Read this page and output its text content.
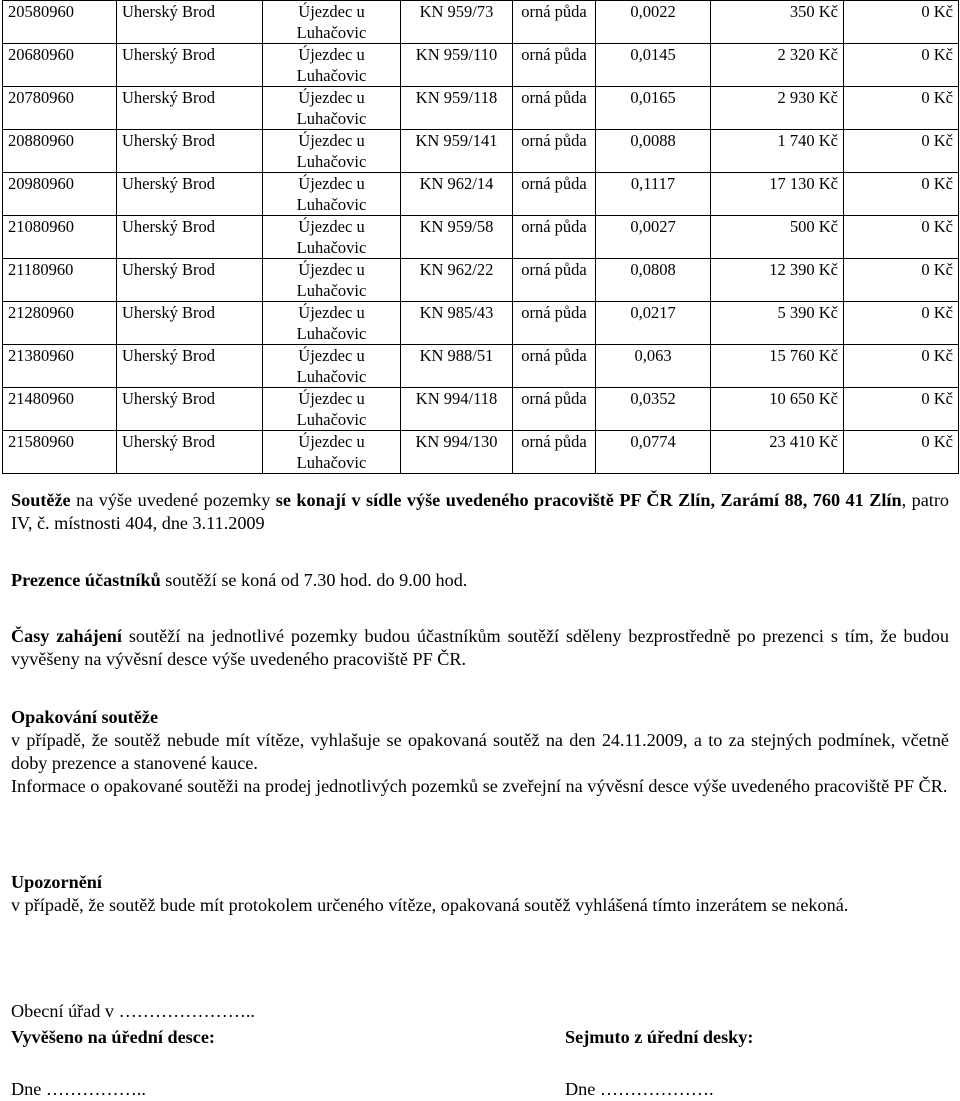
20580960	Uherský Brod	Újezdec u Luhačovic	KN 959/73	orná půda	0,0022	350 Kč	0 Kč
20680960	Uherský Brod	Újezdec u Luhačovic	KN 959/110	orná půda	0,0145	2 320 Kč	0 Kč
20780960	Uherský Brod	Újezdec u Luhačovic	KN 959/118	orná půda	0,0165	2 930 Kč	0 Kč
20880960	Uherský Brod	Újezdec u Luhačovic	KN 959/141	orná půda	0,0088	1 740 Kč	0 Kč
20980960	Uherský Brod	Újezdec u Luhačovic	KN 962/14	orná půda	0,1117	17 130 Kč	0 Kč
21080960	Uherský Brod	Újezdec u Luhačovic	KN 959/58	orná půda	0,0027	500 Kč	0 Kč
21180960	Uherský Brod	Újezdec u Luhačovic	KN 962/22	orná půda	0,0808	12 390 Kč	0 Kč
21280960	Uherský Brod	Újezdec u Luhačovic	KN 985/43	orná půda	0,0217	5 390 Kč	0 Kč
21380960	Uherský Brod	Újezdec u Luhačovic	KN 988/51	orná půda	0,063	15 760 Kč	0 Kč
21480960	Uherský Brod	Újezdec u Luhačovic	KN 994/118	orná půda	0,0352	10 650 Kč	0 Kč
21580960	Uherský Brod	Újezdec u Luhačovic	KN 994/130	orná půda	0,0774	23 410 Kč	0 Kč

Soutěže na výše uvedené pozemky se konají v sídle výše uvedeného pracoviště PF ČR Zlín, Zarámí 88, 760 41 Zlín, patro IV, č. místnosti 404, dne 3.11.2009

Prezence účastníků soutěží se koná od 7.30 hod. do 9.00 hod.

Časy zahájení soutěží na jednotlivé pozemky budou účastníkům soutěží sděleny bezprostředně po prezenci s tím, že budou vyvěšeny na vývěsní desce výše uvedeného pracoviště PF ČR.

Opakování soutěže

v případě, že soutěž nebude mít vítěze, vyhlašuje se opakovaná soutěž na den 24.11.2009, a to za stejných podmínek, včetně doby prezence a stanovené kauce.

Informace o opakované soutěži na prodej jednotlivých pozemků se zveřejní na vývěsní desce výše uvedeného pracoviště PF ČR.

Upozornění

v případě, že soutěž bude mít protokolem určeného vítěze, opakovaná soutěž vyhlášená tímto inzerátem se nekoná.

Obecní úřad v …………………..
Vyvěšeno na úřední desce:	Sejmuto z úřední desky:
Dne ……………..	Dne ……………….
